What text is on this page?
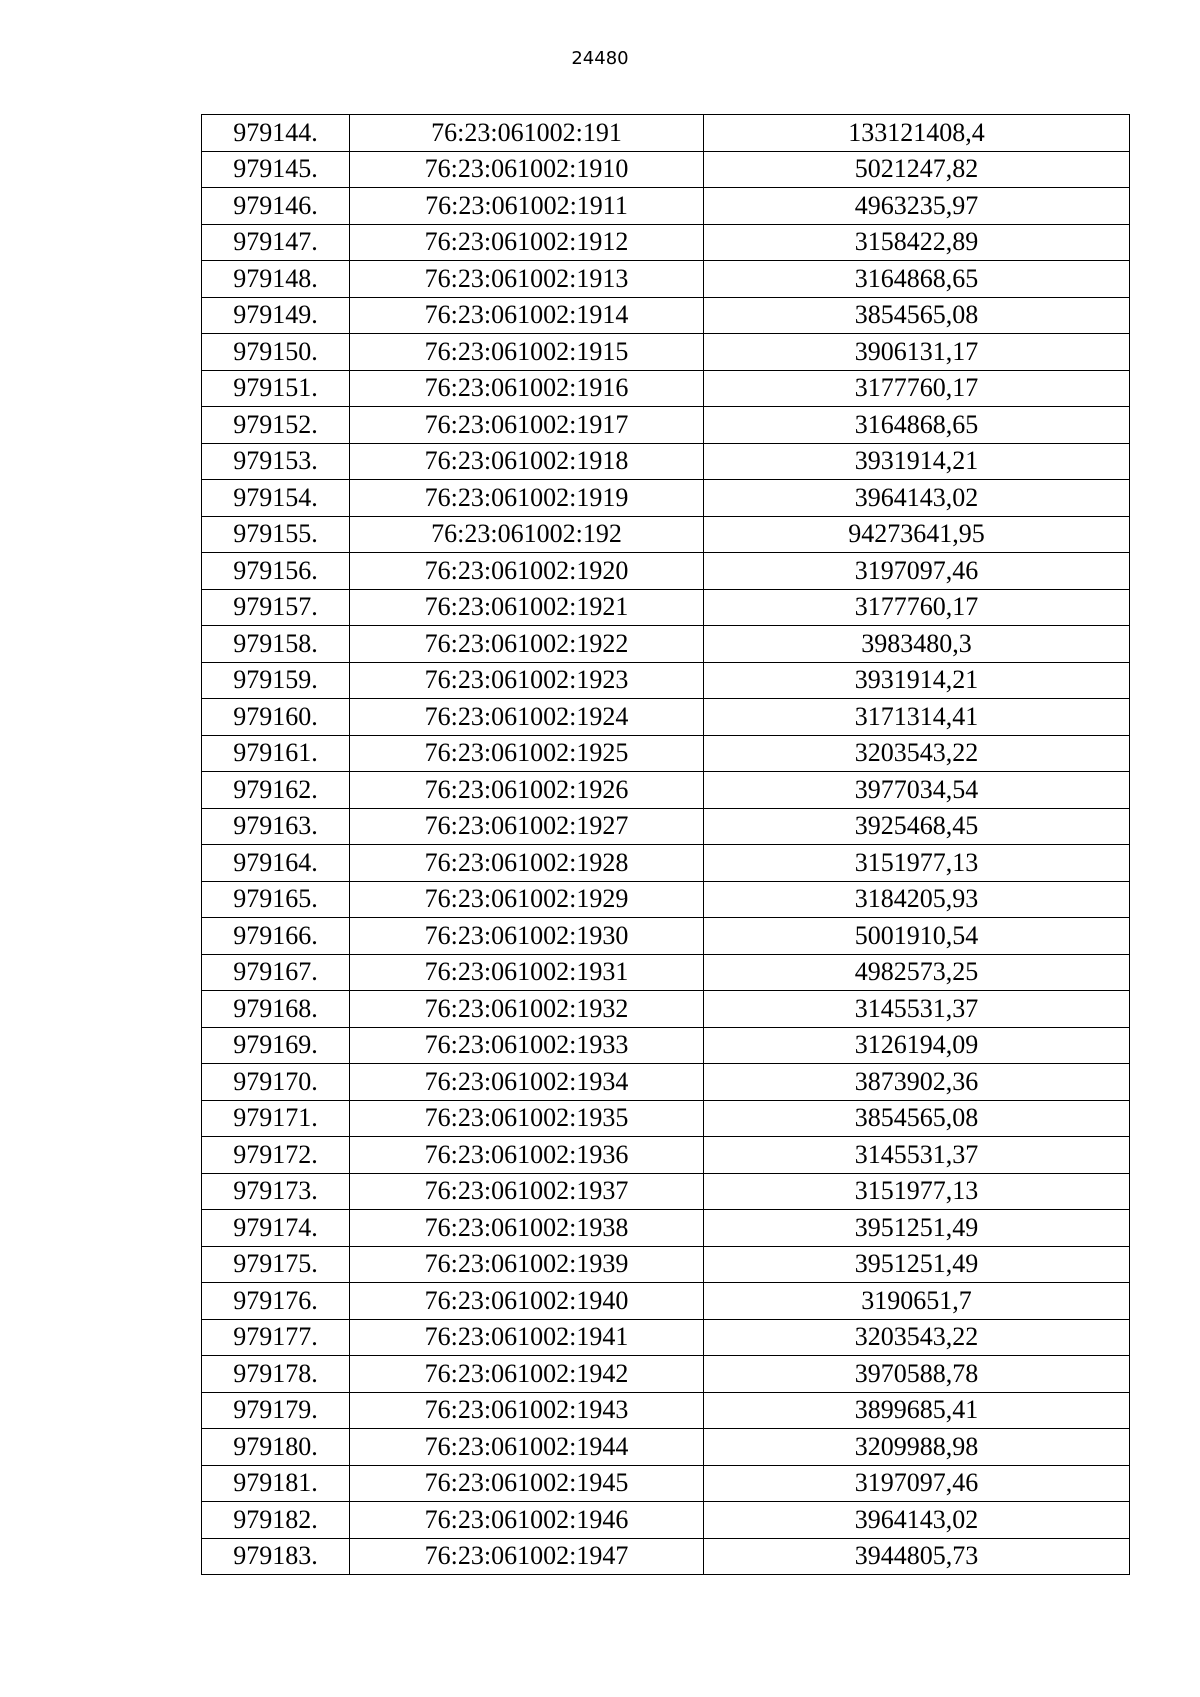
24480
979144.	76:23:061002:191	133121408,4
979145.	76:23:061002:1910	5021247,82
979146.	76:23:061002:1911	4963235,97
979147.	76:23:061002:1912	3158422,89
979148.	76:23:061002:1913	3164868,65
979149.	76:23:061002:1914	3854565,08
979150.	76:23:061002:1915	3906131,17
979151.	76:23:061002:1916	3177760,17
979152.	76:23:061002:1917	3164868,65
979153.	76:23:061002:1918	3931914,21
979154.	76:23:061002:1919	3964143,02
979155.	76:23:061002:192	94273641,95
979156.	76:23:061002:1920	3197097,46
979157.	76:23:061002:1921	3177760,17
979158.	76:23:061002:1922	3983480,3
979159.	76:23:061002:1923	3931914,21
979160.	76:23:061002:1924	3171314,41
979161.	76:23:061002:1925	3203543,22
979162.	76:23:061002:1926	3977034,54
979163.	76:23:061002:1927	3925468,45
979164.	76:23:061002:1928	3151977,13
979165.	76:23:061002:1929	3184205,93
979166.	76:23:061002:1930	5001910,54
979167.	76:23:061002:1931	4982573,25
979168.	76:23:061002:1932	3145531,37
979169.	76:23:061002:1933	3126194,09
979170.	76:23:061002:1934	3873902,36
979171.	76:23:061002:1935	3854565,08
979172.	76:23:061002:1936	3145531,37
979173.	76:23:061002:1937	3151977,13
979174.	76:23:061002:1938	3951251,49
979175.	76:23:061002:1939	3951251,49
979176.	76:23:061002:1940	3190651,7
979177.	76:23:061002:1941	3203543,22
979178.	76:23:061002:1942	3970588,78
979179.	76:23:061002:1943	3899685,41
979180.	76:23:061002:1944	3209988,98
979181.	76:23:061002:1945	3197097,46
979182.	76:23:061002:1946	3964143,02
979183.	76:23:061002:1947	3944805,73
